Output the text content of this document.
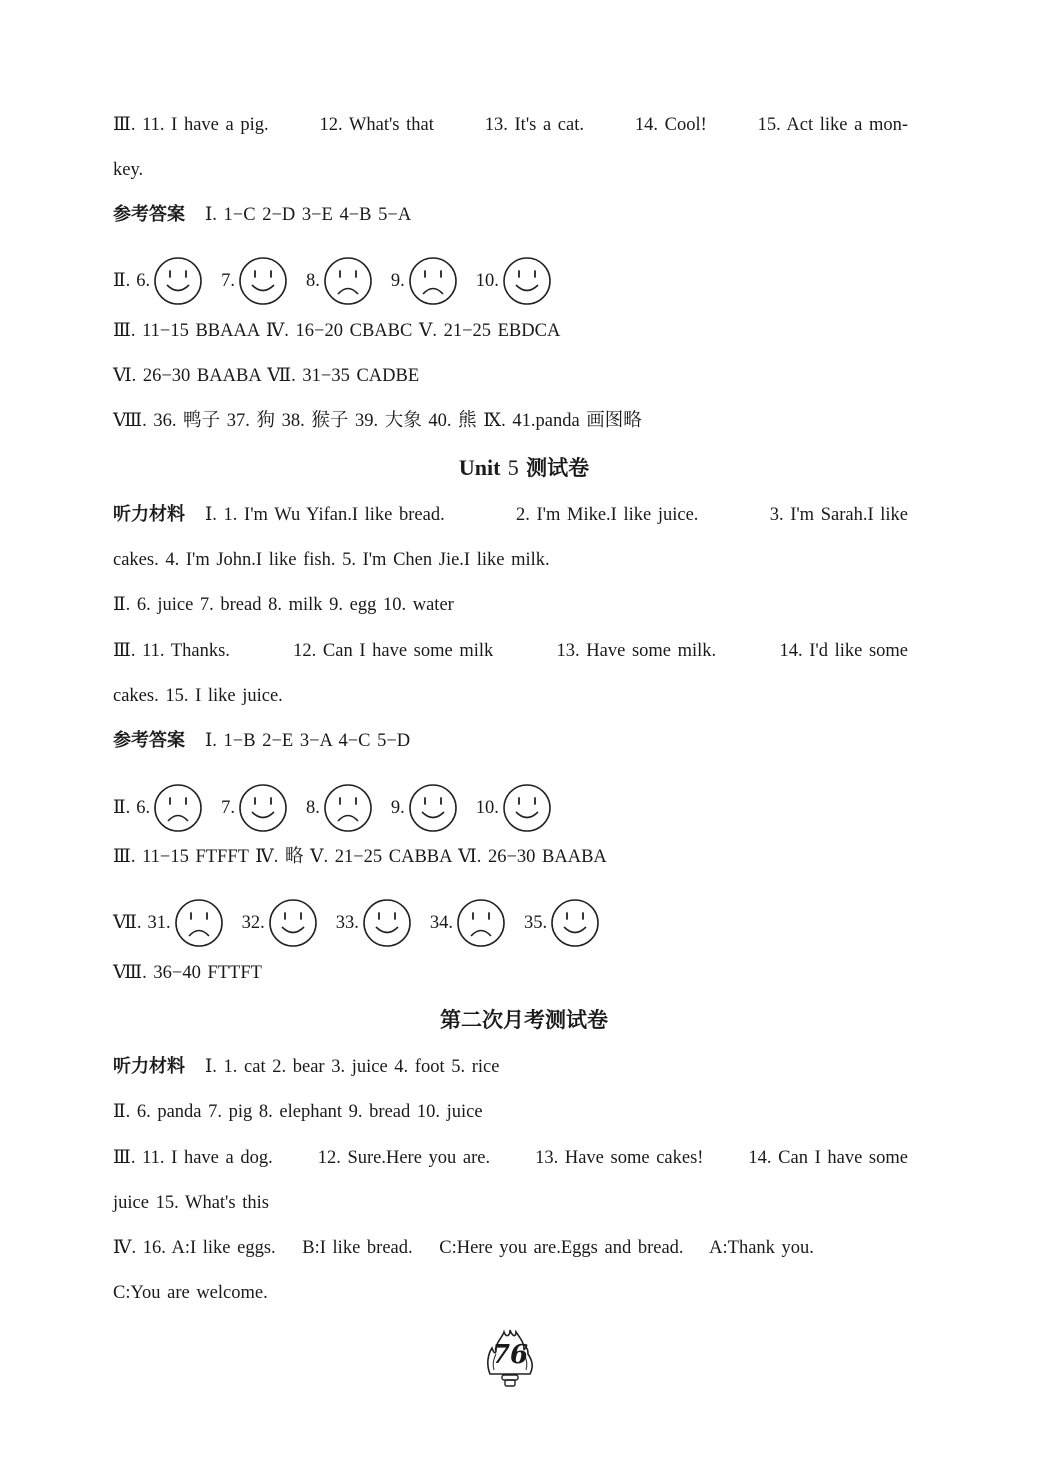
Ⅲ. 11. I have a pig.	12. What's that	13. It's a cat.	14. Cool!	15. Act like a mon-
key.
参考答案 Ⅰ. 1−C 2−D 3−E 4−B 5−A
Ⅱ. 6.	7.	8.	9.	10.
Ⅲ. 11−15 BBAAA Ⅳ. 16−20 CBABC Ⅴ. 21−25 EBDCA
Ⅵ. 26−30 BAABA Ⅶ. 31−35 CADBE
Ⅷ. 36. 鸭子 37. 狗 38. 猴子 39. 大象 40. 熊 Ⅸ. 41.panda 画图略
Unit 5 测试卷
听力材料 Ⅰ. 1. I'm Wu Yifan.I like bread.	2. I'm Mike.I like juice.	3. I'm Sarah.I like
cakes. 4. I'm John.I like fish. 5. I'm Chen Jie.I like milk.
Ⅱ. 6. juice 7. bread 8. milk 9. egg 10. water
Ⅲ. 11. Thanks.	12. Can I have some milk	13. Have some milk.	14. I'd like some
cakes. 15. I like juice.
参考答案 Ⅰ. 1−B 2−E 3−A 4−C 5−D
Ⅱ. 6.	7.	8.	9.	10.
Ⅲ. 11−15 FTFFT Ⅳ. 略 Ⅴ. 21−25 CABBA Ⅵ. 26−30 BAABA
Ⅶ. 31.	32.	33.	34.	35.
Ⅷ. 36−40 FTTFT
第二次月考测试卷
听力材料 Ⅰ. 1. cat 2. bear 3. juice 4. foot 5. rice
Ⅱ. 6. panda 7. pig 8. elephant 9. bread 10. juice
Ⅲ. 11. I have a dog. 12. Sure.Here you are. 13. Have some cakes! 14. Can I have some
juice 15. What's this
Ⅳ. 16. A:I like eggs. B:I like bread. C:Here you are.Eggs and bread. A:Thank you.
C:You are welcome.
76
